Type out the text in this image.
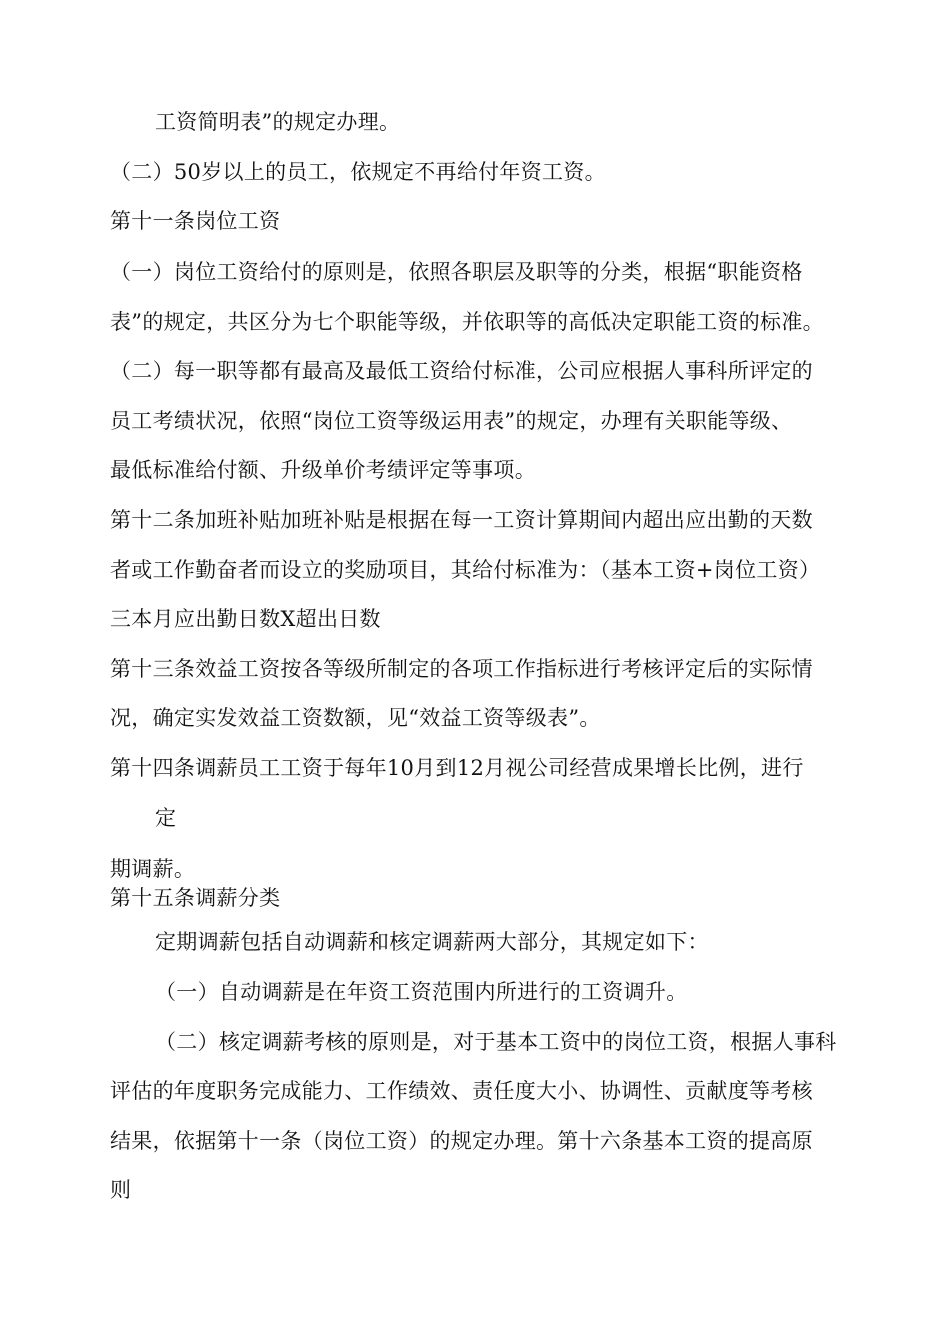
工资简明表”的规定办理。
（二）50岁以上的员工，依规定不再给付年资工资。
第十一条岗位工资
（一）岗位工资给付的原则是，依照各职层及职等的分类，根据“职能资格
表”的规定，共区分为七个职能等级，并依职等的高低决定职能工资的标准。
（二）每一职等都有最高及最低工资给付标准，公司应根据人事科所评定的
员工考绩状况，依照“岗位工资等级运用表”的规定，办理有关职能等级、
最低标准给付额、升级单价考绩评定等事项。
第十二条加班补贴加班补贴是根据在每一工资计算期间内超出应出勤的天数
者或工作勤奋者而设立的奖励项目，其给付标准为：（基本工资+岗位工资）
三本月应出勤日数X超出日数
第十三条效益工资按各等级所制定的各项工作指标进行考核评定后的实际情
况，确定实发效益工资数额，见“效益工资等级表”。
第十四条调薪员工工资于每年10月到12月视公司经营成果增长比例，进行
定
期调薪。
第十五条调薪分类
定期调薪包括自动调薪和核定调薪两大部分，其规定如下：
（一）自动调薪是在年资工资范围内所进行的工资调升。
（二）核定调薪考核的原则是，对于基本工资中的岗位工资，根据人事科
评估的年度职务完成能力、工作绩效、责任度大小、协调性、贡献度等考核
结果，依据第十一条（岗位工资）的规定办理。第十六条基本工资的提高原
则
